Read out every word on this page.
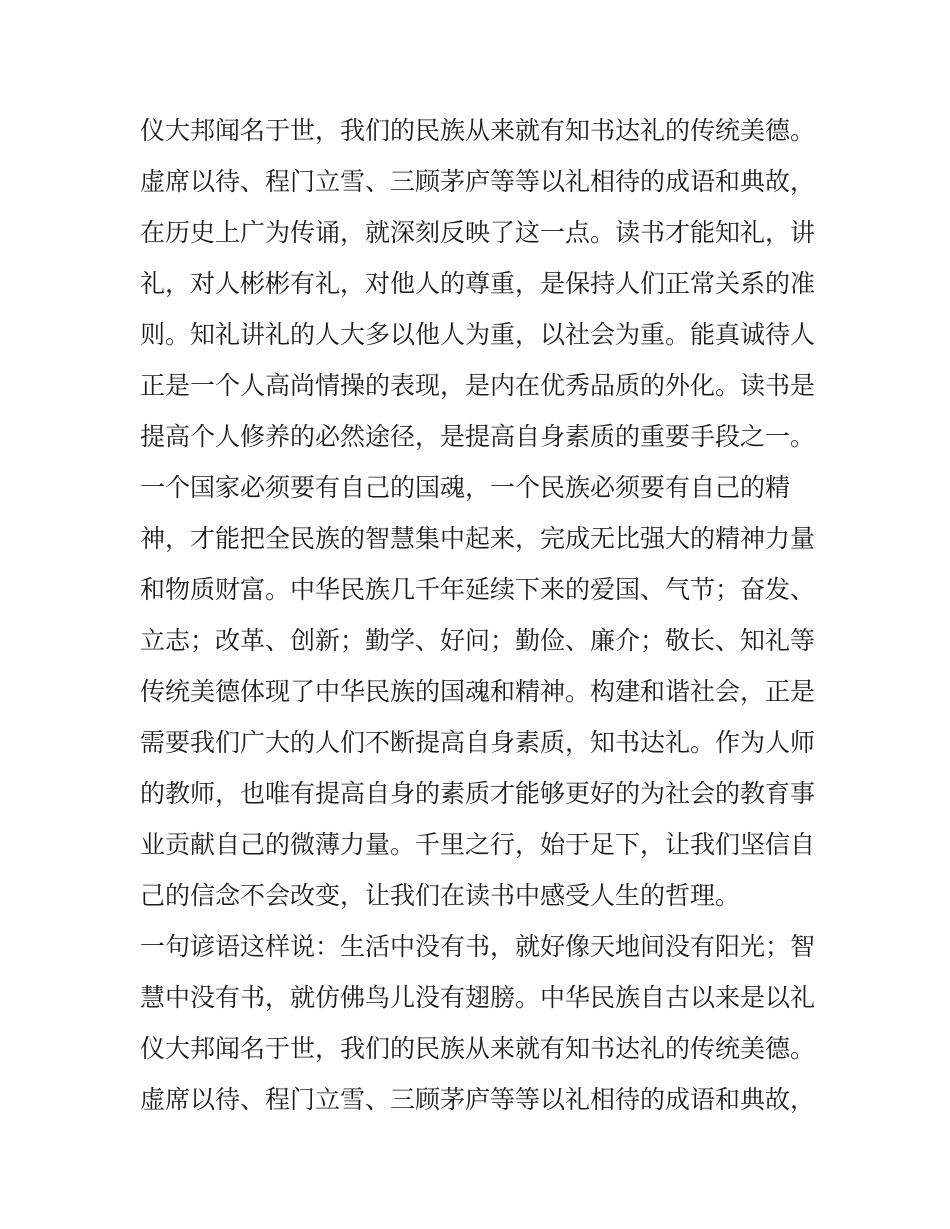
仪大邦闻名于世，我们的民族从来就有知书达礼的传统美德。
虚席以待、程门立雪、三顾茅庐等等以礼相待的成语和典故，
在历史上广为传诵，就深刻反映了这一点。读书才能知礼，讲
礼，对人彬彬有礼，对他人的尊重，是保持人们正常关系的准
则。知礼讲礼的人大多以他人为重，以社会为重。能真诚待人
正是一个人高尚情操的表现，是内在优秀品质的外化。读书是
提高个人修养的必然途径，是提高自身素质的重要手段之一。
一个国家必须要有自己的国魂，一个民族必须要有自己的精
神，才能把全民族的智慧集中起来，完成无比强大的精神力量
和物质财富。中华民族几千年延续下来的爱国、气节；奋发、
立志；改革、创新；勤学、好问；勤俭、廉介；敬长、知礼等
传统美德体现了中华民族的国魂和精神。构建和谐社会，正是
需要我们广大的人们不断提高自身素质，知书达礼。作为人师
的教师，也唯有提高自身的素质才能够更好的为社会的教育事
业贡献自己的微薄力量。千里之行，始于足下，让我们坚信自
己的信念不会改变，让我们在读书中感受人生的哲理。
一句谚语这样说：生活中没有书，就好像天地间没有阳光；智
慧中没有书，就仿佛鸟儿没有翅膀。中华民族自古以来是以礼
仪大邦闻名于世，我们的民族从来就有知书达礼的传统美德。
虚席以待、程门立雪、三顾茅庐等等以礼相待的成语和典故，
